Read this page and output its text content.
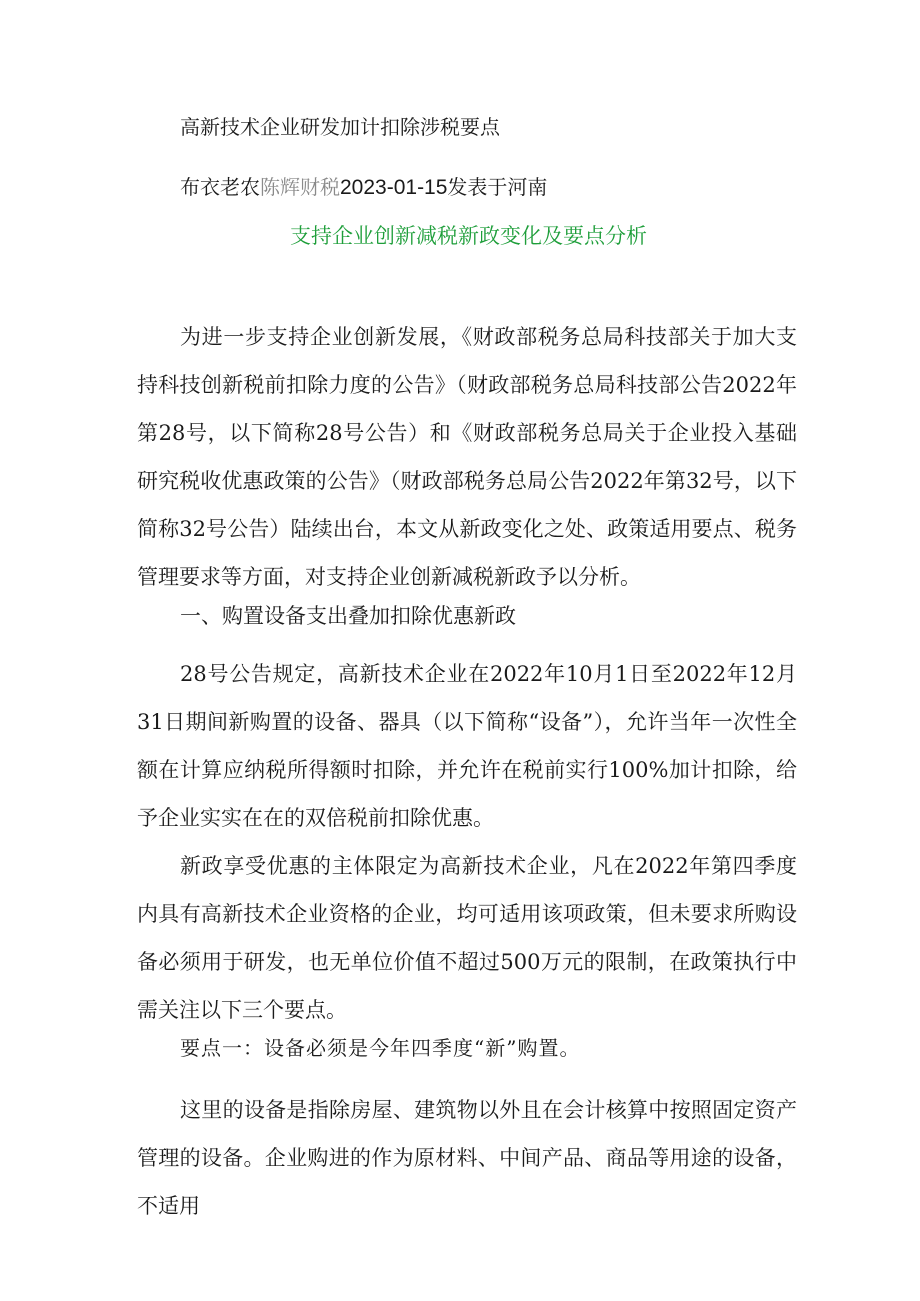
高新技术企业研发加计扣除涉税要点
布衣老农陈辉财税2023-01-15发表于河南
支持企业创新减税新政变化及要点分析

为进一步支持企业创新发展，《财政部税务总局科技部关于加大支持科技创新税前扣除力度的公告》（财政部税务总局科技部公告2022年第28号，以下简称28号公告）和《财政部税务总局关于企业投入基础研究税收优惠政策的公告》（财政部税务总局公告2022年第32号，以下简称32号公告）陆续出台，本文从新政变化之处、政策适用要点、税务管理要求等方面，对支持企业创新减税新政予以分析。

一、购置设备支出叠加扣除优惠新政

28号公告规定，高新技术企业在2022年10月1日至2022年12月31日期间新购置的设备、器具（以下简称“设备”），允许当年一次性全额在计算应纳税所得额时扣除，并允许在税前实行100%加计扣除，给予企业实实在在的双倍税前扣除优惠。

新政享受优惠的主体限定为高新技术企业，凡在2022年第四季度内具有高新技术企业资格的企业，均可适用该项政策，但未要求所购设备必须用于研发，也无单位价值不超过500万元的限制，在政策执行中需关注以下三个要点。

要点一：设备必须是今年四季度“新”购置。

这里的设备是指除房屋、建筑物以外且在会计核算中按照固定资产管理的设备。企业购进的作为原材料、中间产品、商品等用途的设备，不适用
